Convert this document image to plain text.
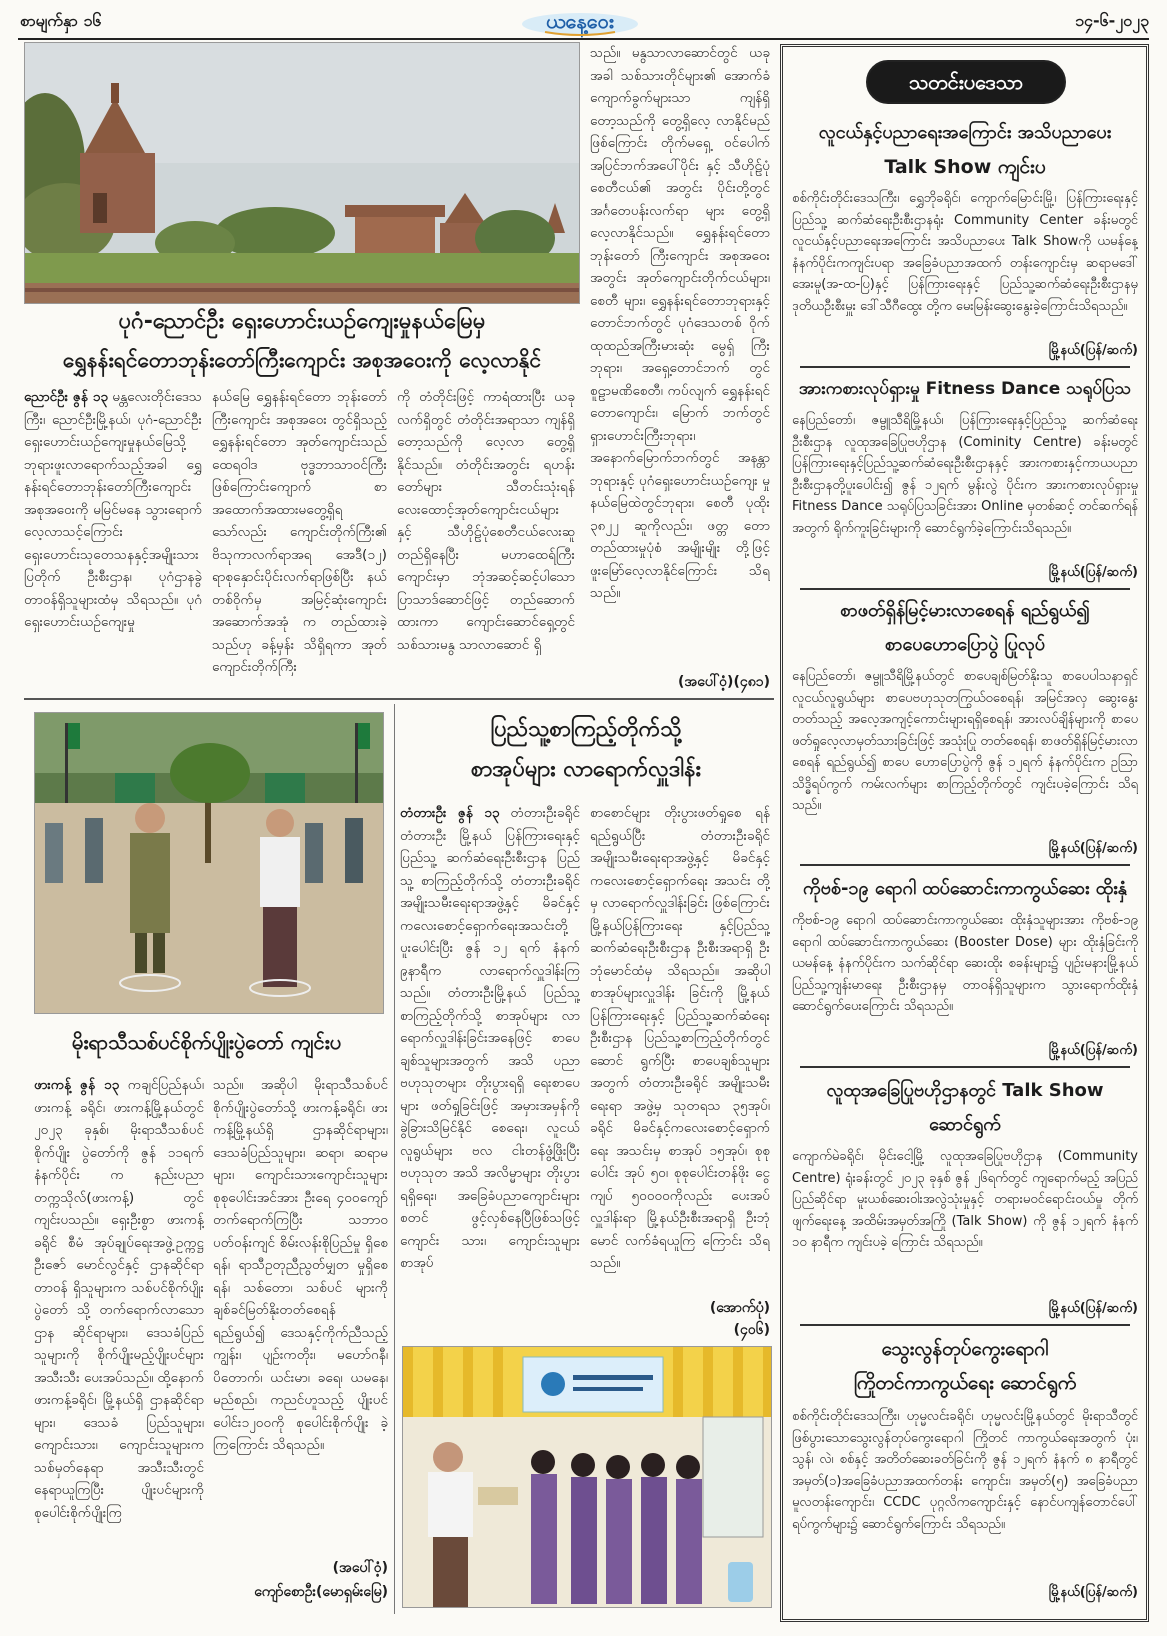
စာမျက်နှာ ၁၆	ယနေ့ဝေး	၁၄-၆-၂၀၂၃
ပုဂံ-ညောင်ဦး ရှေးဟောင်းယဉ်ကျေးမှုနယ်မြေမှ
ရွှေနန်းရင်တောဘုန်းတော်ကြီးကျောင်း အစုအဝေးကို လေ့လာနိုင်
ညောင်ဦး ဇွန် ၁၃ မန္တလေးတိုင်းဒေသကြီး၊ ညောင်ဦးမြို့နယ်၊ ပုဂံ-ညောင်ဦး ရှေးဟောင်းယဉ်ကျေးမှုနယ်မြေသို့ ဘုရားဖူးလာရောက်သည့်အခါ ရွှေနန်းရင်တောဘုန်းတော်ကြီးကျောင်းအစုအဝေးကို မမြင်မနေ သွားရောက်လေ့လာသင့်ကြောင်း ရှေးဟောင်းသုတေသနနှင့်အမျိုးသား ပြတိုက် ဦးစီးဌာန၊ ပုဂံဌာနခွဲ တာဝန်ရှိသူများထံမှ သိရသည်။ ပုဂံရှေးဟောင်းယဉ်ကျေးမှု
နယ်မြေ ရွှေနန်းရင်တော ဘုန်းတော်ကြီးကျောင်း အစုအဝေး တွင်ရှိသည့် ရွှေနန်းရင်တော အုတ်ကျောင်းသည် ထေရဝါဒ ဗုဒ္ဓဘာသာဝင်ကြီးဖြစ်ကြောင်းကျောက် စာ အထောက်အထားမတွေ့ရှိရ သော်လည်း ကျောင်းတိုက်ကြီး၏ ဗိသုကာလက်ရာအရ အေဒီ(၁၂) ရာစုနှောင်းပိုင်းလက်ရာဖြစ်ပြီး နယ်တစ်ဝိုက်မှ အမြင့်ဆုံးကျောင်းအဆောက်အအုံ က တည်ထားခဲ့သည်ဟု ခန့်မှန်း သိရှိရကာ အုတ်ကျောင်းတိုက်ကြီး
ကို တံတိုင်းဖြင့် ကာရံထားပြီး ယခုလက်ရှိတွင် တံတိုင်းအရာသာ ကျန်ရှိတော့သည်ကို လေ့လာ တွေ့ရှိနိုင်သည်။ တံတိုင်းအတွင်း ရဟန်းတော်များ သီတင်းသုံးရန် လေးထောင့်အုတ်ကျောင်းငယ်များ နှင့် သီဟိုဠ်ပုံစေတီငယ်လေးဆူ တည်ရှိနေပြီး မဟာထေရ်ကြီး ကျောင်းမှာ ဘုံအဆင့်ဆင့်ပါသော ပြာသာဒ်ဆောင်ဖြင့် တည်ဆောက် ထားကာ ကျောင်းဆောင်ရှေ့တွင် သစ်သားမနွ သာလာဆောင် ရှိ
သည်။ မနွသာလာဆောင်တွင် ယခုအခါ သစ်သားတိုင်များ၏ အောက်ခံကျောက်ခွက်များသာ ကျန်ရှိတော့သည်ကို တွေ့ရှိလေ့ လာနိုင်မည်ဖြစ်ကြောင်း တိုက်မရှေ့ ဝင်ပေါက် အပြင်ဘက်အပေါ်ပိုင်း နှင့် သီဟိုဠ်ပုံစေတီငယ်၏ အတွင်း ပိုင်းတို့တွင် အင်္ဂတေပန်းလက်ရာ များ တွေ့ရှိလေ့လာနိုင်သည်။ ရွှေနန်းရင်တော ဘုန်းတော် ကြီးကျောင်း အစုအဝေးအတွင်း အုတ်ကျောင်းတိုက်ငယ်များ၊ စေတီ များ၊ ရွှေနန်းရင်တောဘုရားနှင့် တောင်ဘက်တွင် ပုဂံဒေသတစ် ဝိုက် ထုထည်အကြီးမားဆုံး မွေရှ် ကြီးဘုရား၊ အရှေ့တောင်ဘက် တွင် စူဠာမဏိစေတီ၊ ကပ်လျက် ရွှေနန်းရင်တောကျောင်း၊ မြောက် ဘက်တွင် ရှားဟောင်းကြီးဘုရား၊ အနောက်မြောက်ဘက်တွင် အနန္တာ ဘုရားနှင့် ပုဂံရှေးဟောင်းယဉ်ကျေး မှု နယ်မြေထဲတွင်ဘုရား၊ စေတီ ပုထိုး ၃၈၂၂ ဆူကိုလည်း၊ ဖတ္တ တော တည်ထားမှုပုံစံ အမျိုးမျိုး တို့ဖြင့် ဖူးမြော်လေ့လာနိုင်ကြောင်း သိရသည်။
(အပေါ်ဝံ့)(၄၈၁)
မိုးရာသီသစ်ပင်စိုက်ပျိုးပွဲတော် ကျင်းပ
ဖားကန့် ဇွန် ၁၃ ကချင်ပြည်နယ်၊ ဖားကန့် ခရိုင်၊ ဖားကန့်မြို့နယ်တွင် ၂၀၂၃ ခုနှစ်၊ မိုးရာသီသစ်ပင် စိုက်ပျိုး ပွဲတော်ကို ဇွန် ၁၁ရက် နံနက်ပိုင်း က နည်းပညာတက္ကသိုလ်(ဖားကန့်) တွင် ကျင်းပသည်။ ရှေးဦးစွာ ဖားကန့်ခရိုင် စီမံ အုပ်ချုပ်ရေးအဖွဲ့ဥက္ကဋ္ဌ ဦးဇော် မောင်လွင်နှင့် ဌာနဆိုင်ရာ တာဝန် ရှိသူများက သစ်ပင်စိုက်ပျိုးပွဲတော် သို့ တက်ရောက်လာသော ဌာန ဆိုင်ရာများ၊ ဒေသခံပြည်သူများကို စိုက်ပျိုးမည့်ပျိုးပင်များ အသီးသီး ပေးအပ်သည်။ ထို့နောက် ဖားကန့်ခရိုင်၊ မြို့နယ်ရှိ ဌာနဆိုင်ရာများ၊ ဒေသခံ ပြည်သူများ၊ ကျောင်းသား၊ ကျောင်းသူများက သစ်မှတ်နေရာ အသီးသီးတွင် နေရာယူကြပြီး ပျိုးပင်များကို စုပေါင်းစိုက်ပျိုးကြ
သည်။ အဆိုပါ မိုးရာသီသစ်ပင် စိုက်ပျိုးပွဲတော်သို့ ဖားကန့်ခရိုင်၊ ဖားကန့်မြို့နယ်ရှိ ဌာနဆိုင်ရာများ၊ ဒေသခံပြည်သူများ၊ ဆရာ၊ ဆရာမ များ၊ ကျောင်းသားကျောင်းသူများ စုစုပေါင်းအင်အား ဦးရေ ၄၀၀ကျော် တက်ရောက်ကြပြီး သဘာဝ ပတ်ဝန်းကျင် စိမ်းလန်းစိုပြည်မှု ရှိစေရန်၊ ရာသီဥတုညီညွတ်မျှတ မှုရှိစေရန်၊ သစ်တော၊ သစ်ပင် များကို ချစ်ခင်မြတ်နိုးတတ်စေရန် ရည်ရွယ်၍ ဒေသနှင့်ကိုက်ညီသည့် ကျွန်း၊ ပျဉ်းကတိုး၊ မဟော်ဂနီ၊ ပိတောက်၊ ယင်းမာ၊ ခရေ၊ ယမနေ၊ မည်စည်၊ ကညင်ဟူသည့် ပျိုးပင် ပေါင်း၁၂၀၀ကို စုပေါင်းစိုက်ပျိုး ခဲ့ကြကြောင်း သိရသည်။
(အပေါ်ဝံ့)
ကျော်စောဦး(မောရှမ်းမြေ)
ပြည်သူ့စာကြည့်တိုက်သို့
စာအုပ်များ လာရောက်လှူဒါန်း
တံတားဦး ဇွန် ၁၃ တံတားဦးခရိုင် တံတားဦး မြို့နယ် ပြန်ကြားရေးနှင့်ပြည်သူ့ ဆက်ဆံရေးဦးစီးဌာန ပြည်သူ့ စာကြည့်တိုက်သို့ တံတားဦးခရိုင် အမျိုးသမီးရေးရာအဖွဲ့နှင့် မိခင်နှင့် ကလေးစောင့်ရှောက်ရေးအသင်းတို့ ပူးပေါင်းပြီး ဇွန် ၁၂ ရက် နံနက် ၉နာရီက လာရောက်လှူဒါန်းကြ သည်။ တံတားဦးမြို့နယ် ပြည်သူ့ စာကြည့်တိုက်သို့ စာအုပ်များ လာရောက်လှူဒါန်းခြင်းအနေဖြင့် စာပေချစ်သူများအတွက် အသိ ပညာဗဟုသုတများ တိုးပွားရရှိ ရေးစာပေများ ဖတ်ရှုခြင်းဖြင့် အမှားအမှန်ကို ခွဲခြားသိမြင်နိုင် စေရေး၊ လူငယ်လူရွယ်များ ဗလ ငါးတန်ဖွံ့ဖြိုးပြီး ဗဟုသုတ အသိ အလိမ္မာများ တိုးပွားရရှိရေး၊ အခြေခံပညာကျောင်းများ စတင် ဖွင့်လှစ်နေပြီဖြစ်သဖြင့် ကျောင်း သား၊ ကျောင်းသူများ စာအုပ်
စာစောင်များ တိုးပွားဖတ်ရှုစေ ရန် ရည်ရွယ်ပြီး တံတားဦးခရိုင် အမျိုးသမီးရေးရာအဖွဲ့နှင့် မိခင်နှင့် ကလေးစောင့်ရှောက်ရေး အသင်း တို့မှ လာရောက်လှူဒါန်းခြင်း ဖြစ်ကြောင်း မြို့နယ်ပြန်ကြားရေး နှင့်ပြည်သူ့ဆက်ဆံရေးဦးစီးဌာန ဦးစီးအရာရှိ ဦးဘုံမောင်ထံမှ သိရသည်။ အဆိုပါ စာအုပ်များလှူဒါန်း ခြင်းကို မြို့နယ်ပြန်ကြားရေးနှင့် ပြည်သူ့ဆက်ဆံရေး ဦးစီးဌာန ပြည်သူ့စာကြည့်တိုက်တွင် ဆောင် ရွက်ပြီး စာပေချစ်သူများအတွက် တံတားဦးခရိုင် အမျိုးသမီးရေးရာ အဖွဲ့မှ သုတရသ ၃၅အုပ်၊ ခရိုင် မိခင်နှင့်ကလေးစောင့်ရှောက်ရေး အသင်းမှ စာအုပ် ၁၅အုပ်၊ စုစု ပေါင်း အုပ် ၅၀၊ စုစုပေါင်းတန်ဖိုး ငွေကျပ် ၅၀၀၀၀ကိုလည်း ပေးအပ် လှူဒါန်းရာ မြို့နယ်ဦးစီးအရာရှိ ဦးဘုံမောင် လက်ခံရယူကြ ကြောင်း သိရသည်။
(အောက်ပုံ)
(၄၀၆)
သတင်းပဒေသာ
လူငယ်နှင့်ပညာရေးအကြောင်း အသိပညာပေး
Talk Show ကျင်းပ
စစ်ကိုင်းတိုင်းဒေသကြီး၊ ရွှေဘိုခရိုင်၊ ကျောက်မြောင်းမြို့၊ ပြန်ကြားရေးနှင့်ပြည်သူ့ ဆက်ဆံရေးဦးစီးဌာနရုံး Community Center ခန်းမတွင် လူငယ်နှင့်ပညာရေးအကြောင်း အသိပညာပေး Talk Showကို ယမန်နေ့ နံနက်ပိုင်းကကျင်းပရာ အခြေခံပညာအထက် တန်းကျောင်းမှ ဆရာမဒေါ်အေးမူ(အ-ထ-ပြ)နှင့် ပြန်ကြားရေးနှင့် ပြည်သူ့ဆက်ဆံရေးဦးစီးဌာနမှ ဒုတိယဦးစီးမှူး ဒေါ်သီဂီထွေး တို့က မေးမြန်းဆွေးနွေးခဲ့ကြောင်းသိရသည်။
မြို့နယ်(ပြန်/ဆက်)
အားကစားလုပ်ရှားမှု Fitness Dance သရုပ်ပြသ
နေပြည်တော်၊ ဇမ္ဗူသီရိမြို့နယ်၊ ပြန်ကြားရေးနှင့်ပြည်သူ့ ဆက်ဆံရေး ဦးစီးဌာန လူထုအခြေပြုဗဟိုဌာန (Cominity Centre) ခန်းမတွင် ပြန်ကြားရေးနှင့်ပြည်သူ့ဆက်ဆံရေးဦးစီးဌာနနှင့် အားကစားနှင့်ကာယပညာဦးစီးဌာနတို့ပူးပေါင်း၍ ဇွန် ၁၂ရက် မွန်းလွဲ ပိုင်းက အားကစားလုပ်ရှားမှု Fitness Dance သရုပ်ပြသခြင်းအား Online မှတစ်ဆင့် တင်ဆက်ရန်အတွက် ရိုက်ကူးခြင်းများကို ဆောင်ရွက်ခဲ့ကြောင်းသိရသည်။
မြို့နယ်(ပြန်/ဆက်)
စာဖတ်ရှိန်မြင့်မားလာစေရန် ရည်ရွယ်၍
စာပေဟောပြောပွဲ ပြုလုပ်
နေပြည်တော်၊ ဇမ္ဗူသီရိမြို့နယ်တွင် စာပေချစ်မြတ်နိုးသူ စာပေပါသနာရှင် လူငယ်လူရွယ်များ စာပေဗဟုသုတကြွယ်ဝစေရန်၊ အမြင်အလှ ဆွေးနွေးတတ်သည့် အလေ့အကျင့်ကောင်းများရရှိစေရန်၊ အားလပ်ချိန်များကို စာပေဖတ်ရှုလေ့လာမှတ်သားခြင်းဖြင့် အသုံးပြု တတ်စေရန်၊ စာဖတ်ရှိန်မြင့်မားလာစေရန် ရည်ရွယ်၍ စာပေ ဟောပြောပွဲကို ဇွန် ၁၂ရက် နံနက်ပိုင်းက ဥဩာသိဒ္ဓိရပ်ကွက် ကမ်းလက်များ စာကြည့်တိုက်တွင် ကျင်းပခဲ့ကြောင်း သိရသည်။
မြို့နယ်(ပြန်/ဆက်)
ကိုဗစ်-၁၉ ရောဂါ ထပ်ဆောင်းကာကွယ်ဆေး ထိုးနှံ
ကိုဗစ်-၁၉ ရောဂါ ထပ်ဆောင်းကာကွယ်ဆေး ထိုးနှံသူများအား ကိုဗစ်-၁၉ ရောဂါ ထပ်ဆောင်းကာကွယ်ဆေး (Booster Dose) များ ထိုးနှံခြင်းကို ယမန်နေ့ နံနက်ပိုင်းက သက်ဆိုင်ရာ ဆေးထိုး စခန်းများ၌ ပျဉ်းမနားမြို့နယ် ပြည်သူ့ကျန်းမာရေး ဦးစီးဌာနမှ တာဝန်ရှိသူများက သွားရောက်ထိုးနှံ ဆောင်ရွက်ပေးကြောင်း သိရသည်။
မြို့နယ်(ပြန်/ဆက်)
လူထုအခြေပြုဗဟိုဌာနတွင် Talk Show
ဆောင်ရွက်
ကျောက်မဲခရိုင်၊ မိုင်းငေါ့မြို့ လူထုအခြေပြုဗဟိုဌာန (Community Centre) ရုံးခန်းတွင် ၂၀၂၃ ခုနှစ် ဇွန် ၂၆ရက်တွင် ကျရောက်မည့် အပြည်ပြည်ဆိုင်ရာ မူးယစ်ဆေးဝါးအလွဲသုံးမှုနှင့် တရားမဝင်ရောင်းဝယ်မှု တိုက်ဖျက်ရေးနေ့ အထိမ်းအမှတ်အကြို (Talk Show) ကို ဇွန် ၁၂ရက် နံနက် ၁၀ နာရီက ကျင်းပခဲ့ ကြောင်း သိရသည်။
မြို့နယ်(ပြန်/ဆက်)
သွေးလွန်တုပ်ကွေးရောဂါ
ကြိုတင်ကာကွယ်ရေး ဆောင်ရွက်
စစ်ကိုင်းတိုင်းဒေသကြီး၊ ဟုမ္မလင်းခရိုင်၊ ဟုမ္မလင်းမြို့နယ်တွင် မိုးရာသီတွင်ဖြစ်ပွားသောသွေးလွန်တုပ်ကွေးရောဂါ ကြိုတင် ကာကွယ်ရေးအတွက် ပုံး၊ သွန်၊ လဲ၊ စစ်နှင့် အတိတ်ဆေးခတ်ခြင်းကို ဇွန် ၁၂ရက် နံနက် ၈ နာရီတွင် အမှတ်(၁)အခြေခံပညာအထက်တန်း ကျောင်း၊ အမှတ်(၅) အခြေခံပညာမူလတန်းကျောင်း၊ CCDC ပုဂ္ဂလိကကျောင်းနှင့် နောင်ပကျန်တောင်ပေါ် ရပ်ကွက်များ၌ ဆောင်ရွက်ကြောင်း သိရသည်။
မြို့နယ်(ပြန်/ဆက်)
